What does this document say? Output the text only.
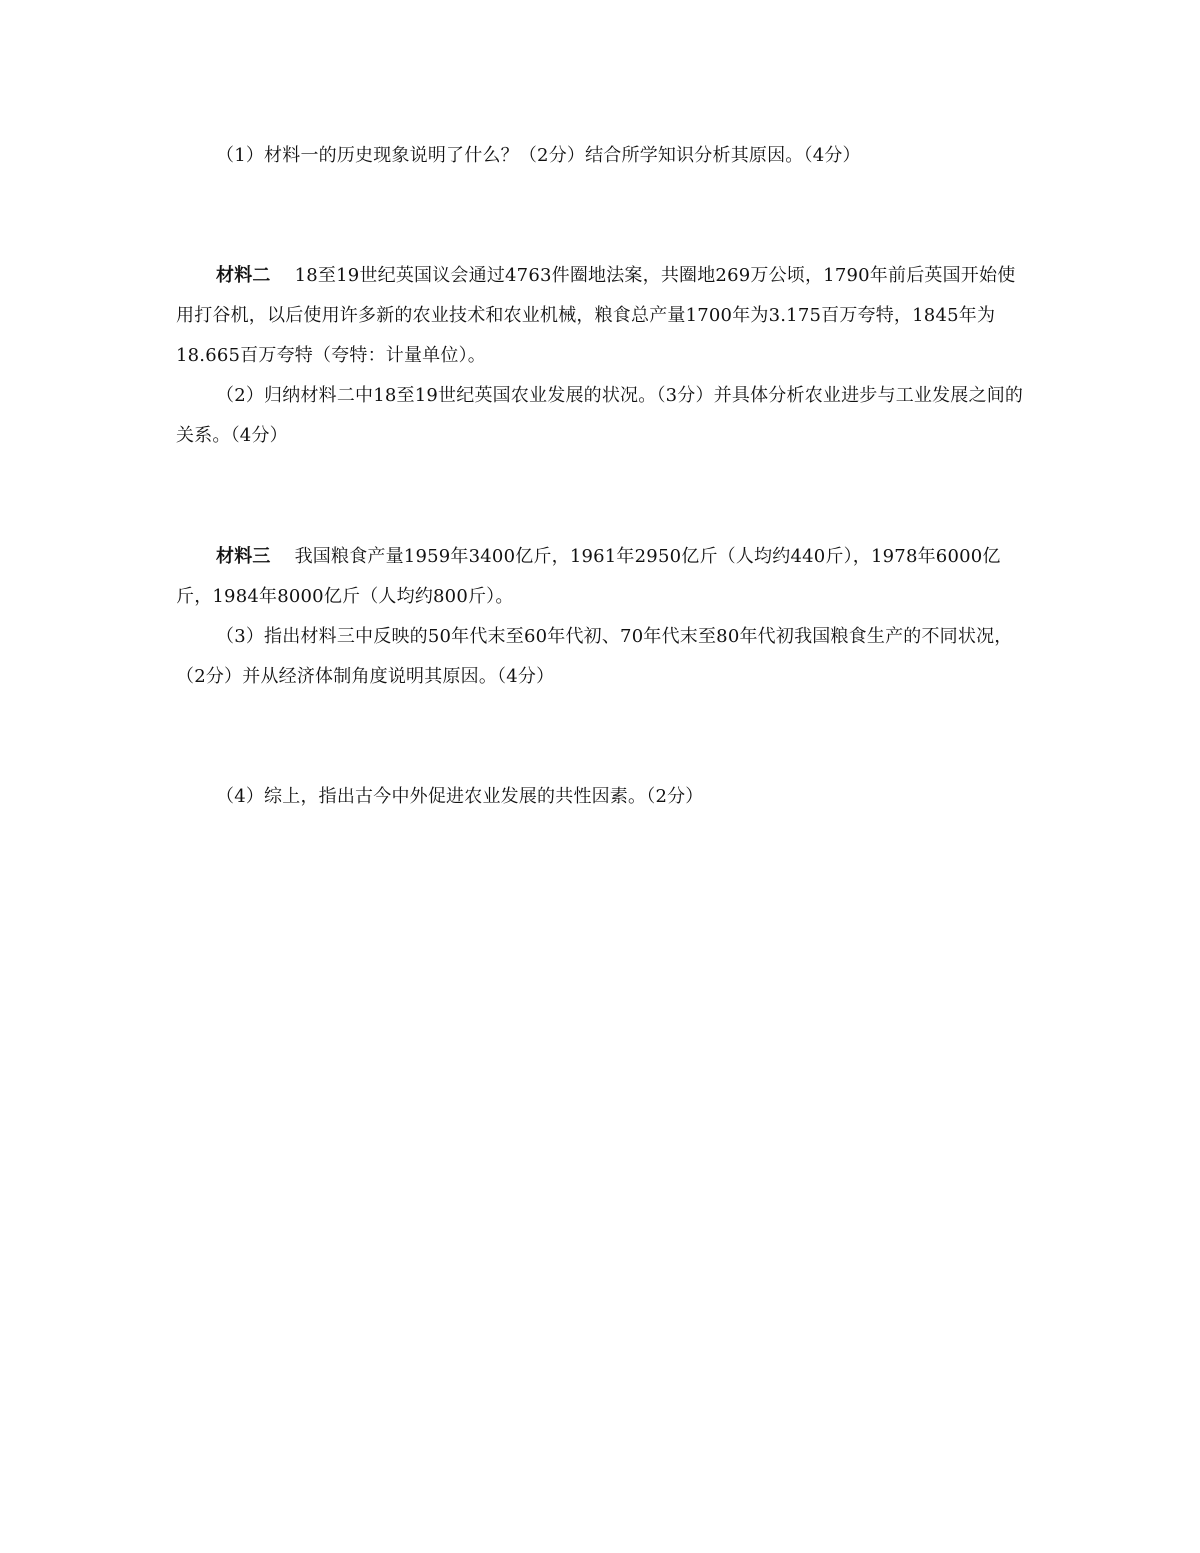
（1）材料一的历史现象说明了什么？（2分）结合所学知识分析其原因。（4分）

材料二 18至19世纪英国议会通过4763件圈地法案，共圈地269万公顷，1790年前后英国开始使用打谷机，以后使用许多新的农业技术和农业机械，粮食总产量1700年为3.175百万夸特，1845年为18.665百万夸特（夸特：计量单位）。

（2）归纳材料二中18至19世纪英国农业发展的状况。（3分）并具体分析农业进步与工业发展之间的关系。（4分）

材料三 我国粮食产量1959年3400亿斤，1961年2950亿斤（人均约440斤），1978年6000亿斤，1984年8000亿斤（人均约800斤）。

（3）指出材料三中反映的50年代末至60年代初、70年代末至80年代初我国粮食生产的不同状况，（2分）并从经济体制角度说明其原因。（4分）

（4）综上，指出古今中外促进农业发展的共性因素。（2分）
